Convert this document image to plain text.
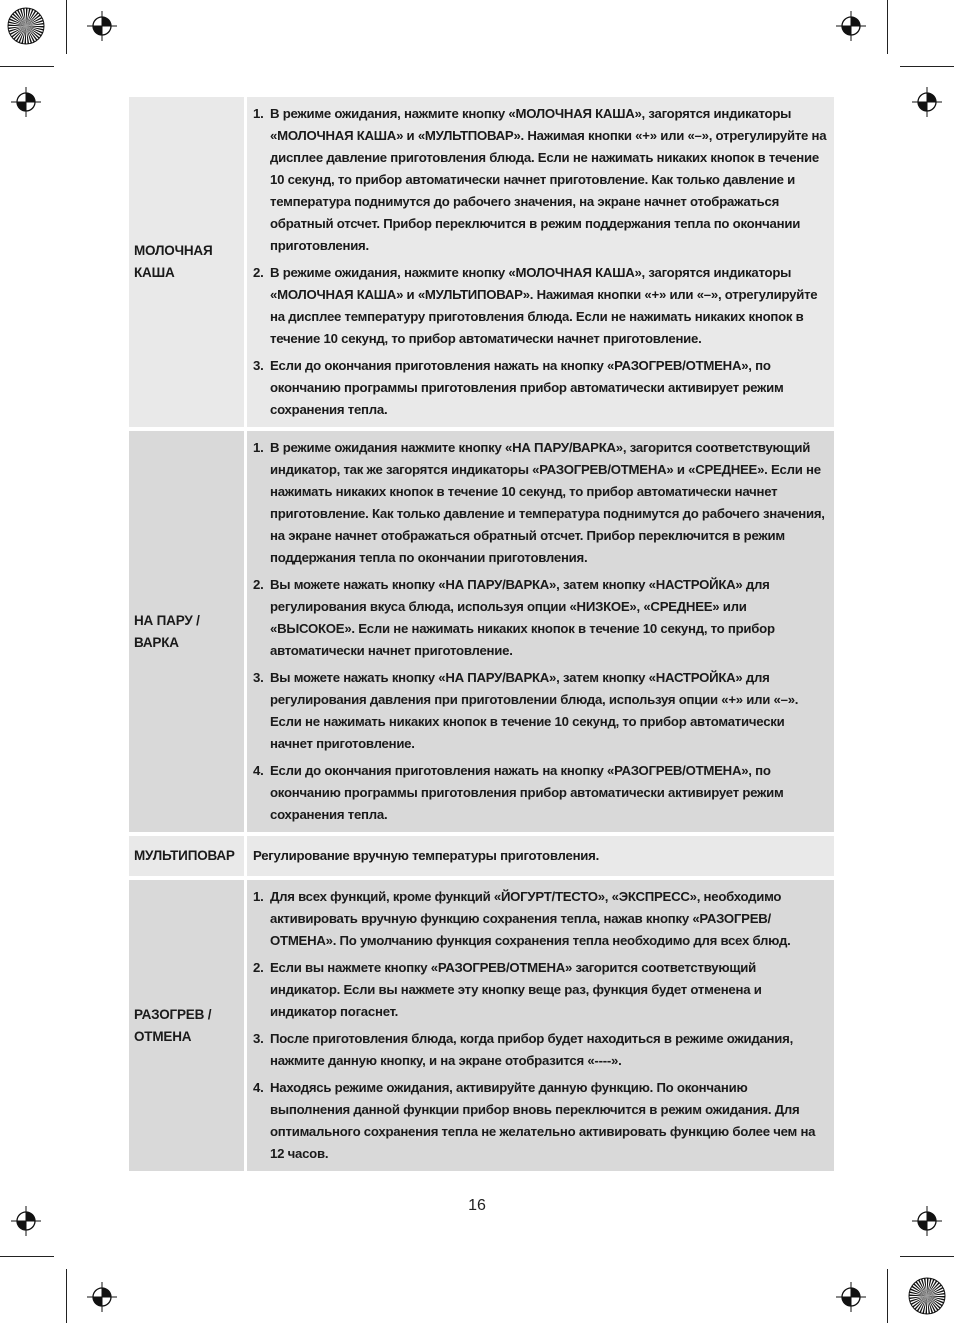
МОЛОЧНАЯ
КАША
1. В режиме ожидания, нажмите кнопку «МОЛОЧНАЯ КАША», загорятся индикаторы «МОЛОЧНАЯ КАША» и «МУЛЬТПОВАР». Нажимая кнопки «+» или «–», отрегулируйте на дисплее давление приготовления блюда. Если не нажимать никаких кнопок в течение 10 секунд, то прибор автоматически начнет приготовление. Как только давление и температура поднимутся до рабочего значения, на экране начнет отображаться обратный отсчет. Прибор переключится в режим поддержания тепла по окончании приготовления.
2. В режиме ожидания, нажмите кнопку «МОЛОЧНАЯ КАША», загорятся индикаторы «МОЛОЧНАЯ КАША» и «МУЛЬТИПОВАР». Нажимая кнопки «+» или «–», отрегулируйте на дисплее температуру приготовления блюда. Если не нажимать никаких кнопок в течение 10 секунд, то прибор автоматически начнет приготовление.
3. Если до окончания приготовления нажать на кнопку «РАЗОГРЕВ/ОТМЕНА», по окончанию программы приготовления прибор автоматически активирует режим сохранения тепла.
НА ПАРУ /
ВАРКА
1. В режиме ожидания нажмите кнопку «НА ПАРУ/ВАРКА», загорится соответствующий индикатор, так же загорятся индикаторы «РАЗОГРЕВ/ОТМЕНА» и «СРЕДНЕЕ». Если не нажимать никаких кнопок в течение 10 секунд, то прибор автоматически начнет приготовление. Как только давление и температура поднимутся до рабочего значения, на экране начнет отображаться обратный отсчет. Прибор переключится в режим поддержания тепла по окончании приготовления.
2. Вы можете нажать кнопку «НА ПАРУ/ВАРКА», затем кнопку «НАСТРОЙКА» для регулирования вкуса блюда, используя опции «НИЗКОЕ», «СРЕДНЕЕ» или «ВЫСОКОЕ». Если не нажимать никаких кнопок в течение 10 секунд, то прибор автоматически начнет приготовление.
3. Вы можете нажать кнопку «НА ПАРУ/ВАРКА», затем кнопку «НАСТРОЙКА» для регулирования давления при приготовлении блюда, используя опции «+» или «–». Если не нажимать никаких кнопок в течение 10 секунд, то прибор автоматически начнет приготовление.
4. Если до окончания приготовления нажать на кнопку «РАЗОГРЕВ/ОТМЕНА», по окончанию программы приготовления прибор автоматически активирует режим сохранения тепла.
МУЛЬТИПОВАР	Регулирование вручную температуры приготовления.
РАЗОГРЕВ /
ОТМЕНА
1. Для всех функций, кроме функций «ЙОГУРТ/ТЕСТО», «ЭКСПРЕСС», необходимо активировать вручную функцию сохранения тепла, нажав кнопку «РАЗОГРЕВ/ОТМЕНА». По умолчанию функция сохранения тепла необходимо для всех блюд.
2. Если вы нажмете кнопку «РАЗОГРЕВ/ОТМЕНА» загорится соответствующий индикатор. Если вы нажмете эту кнопку веще раз, функция будет отменена и индикатор погаснет.
3. После приготовления блюда, когда прибор будет находиться в режиме ожидания, нажмите данную кнопку, и на экране отобразится «----».
4. Находясь режиме ожидания, активируйте данную функцию. По окончанию выполнения данной функции прибор вновь переключится в режим ожидания. Для оптимального сохранения тепла не желательно активировать функцию более чем на 12 часов.
16
